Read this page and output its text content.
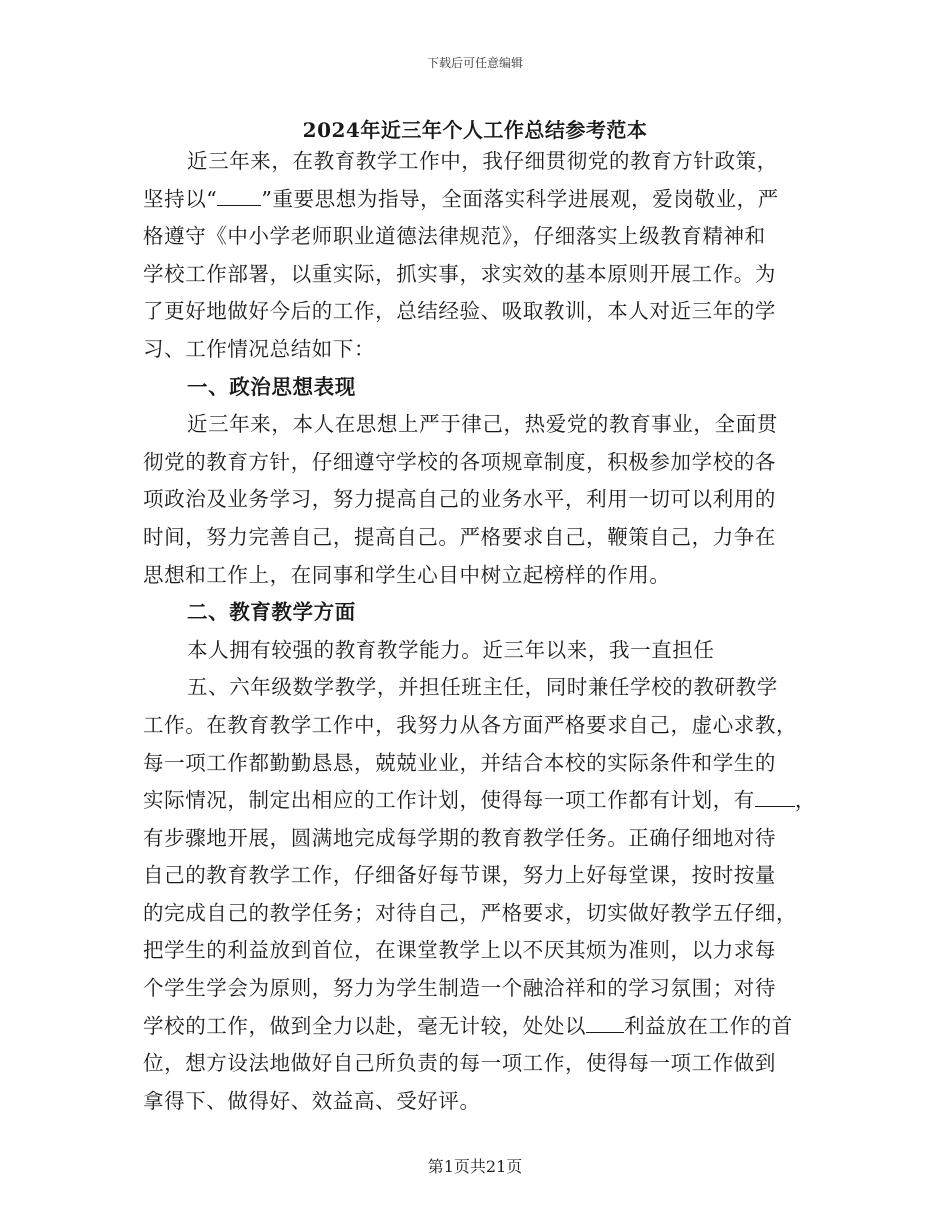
下载后可任意编辑
2024年近三年个人工作总结参考范本
近三年来，在教育教学工作中，我仔细贯彻党的教育方针政策，
坚持以“ ”重要思想为指导，全面落实科学进展观，爱岗敬业，严
格遵守《中小学老师职业道德法律规范》，仔细落实上级教育精神和
学校工作部署，以重实际，抓实事，求实效的基本原则开展工作。为
了更好地做好今后的工作，总结经验、吸取教训，本人对近三年的学
习、工作情况总结如下：
一、政治思想表现
近三年来，本人在思想上严于律己，热爱党的教育事业，全面贯
彻党的教育方针，仔细遵守学校的各项规章制度，积极参加学校的各
项政治及业务学习，努力提高自己的业务水平，利用一切可以利用的
时间，努力完善自己，提高自己。严格要求自己，鞭策自己，力争在
思想和工作上，在同事和学生心目中树立起榜样的作用。
二、教育教学方面
本人拥有较强的教育教学能力。近三年以来，我一直担任
五、六年级数学教学，并担任班主任，同时兼任学校的教研教学
工作。在教育教学工作中，我努力从各方面严格要求自己，虚心求教，
每一项工作都勤勤恳恳，兢兢业业，并结合本校的实际条件和学生的
实际情况，制定出相应的工作计划，使得每一项工作都有计划，有 ，
有步骤地开展，圆满地完成每学期的教育教学任务。正确仔细地对待
自己的教育教学工作，仔细备好每节课，努力上好每堂课，按时按量
的完成自己的教学任务；对待自己，严格要求，切实做好教学五仔细，
把学生的利益放到首位，在课堂教学上以不厌其烦为准则，以力求每
个学生学会为原则，努力为学生制造一个融洽祥和的学习氛围；对待
学校的工作，做到全力以赴，毫无计较，处处以 利益放在工作的首
位，想方设法地做好自己所负责的每一项工作，使得每一项工作做到
拿得下、做得好、效益高、受好评。
第1页共21页
